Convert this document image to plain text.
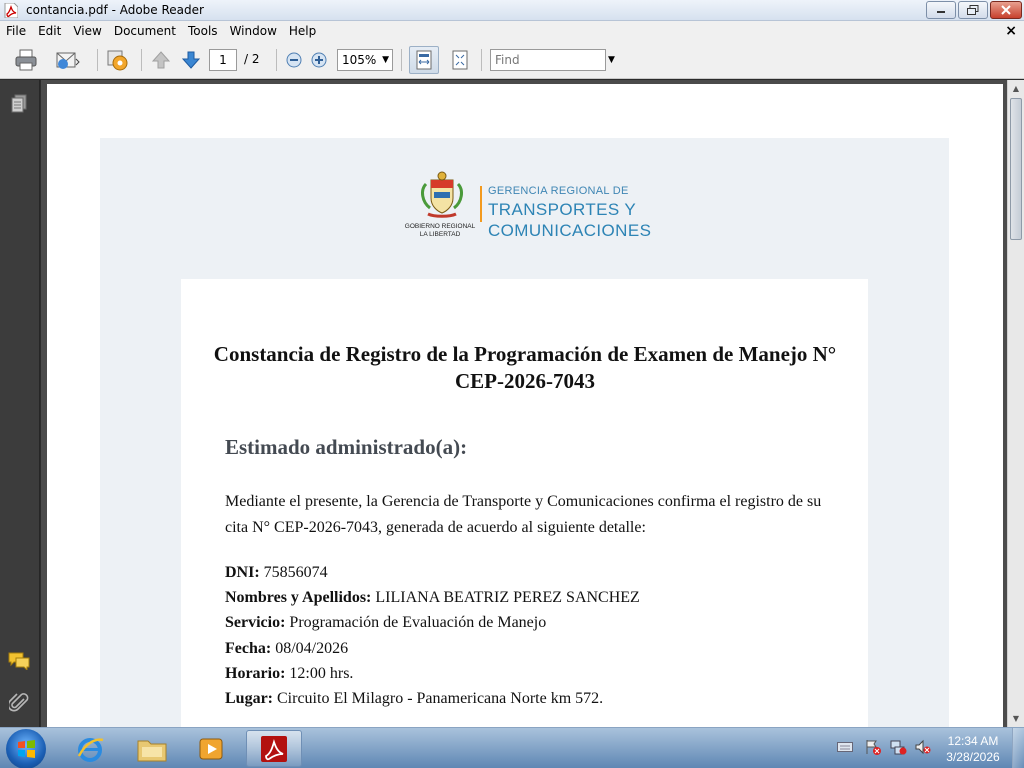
contancia.pdf - Adobe Reader
File	Edit	View	Document	Tools	Window	Help	×
1	/ 2	105% ▼	Find	▼
GOBIERNO REGIONAL LA LIBERTAD
GERENCIA REGIONAL DE
TRANSPORTES Y
COMUNICACIONES
Constancia de Registro de la Programación de Examen de Manejo N° CEP-2026-7043
Estimado administrado(a):
Mediante el presente, la Gerencia de Transporte y Comunicaciones confirma el registro de su cita N° CEP-2026-7043, generada de acuerdo al siguiente detalle:
DNI: 75856074
Nombres y Apellidos: LILIANA BEATRIZ PEREZ SANCHEZ
Servicio: Programación de Evaluación de Manejo
Fecha: 08/04/2026
Horario: 12:00 hrs.
Lugar: Circuito El Milagro - Panamericana Norte km 572.
▲
▼
12:34 AM
3/28/2026
